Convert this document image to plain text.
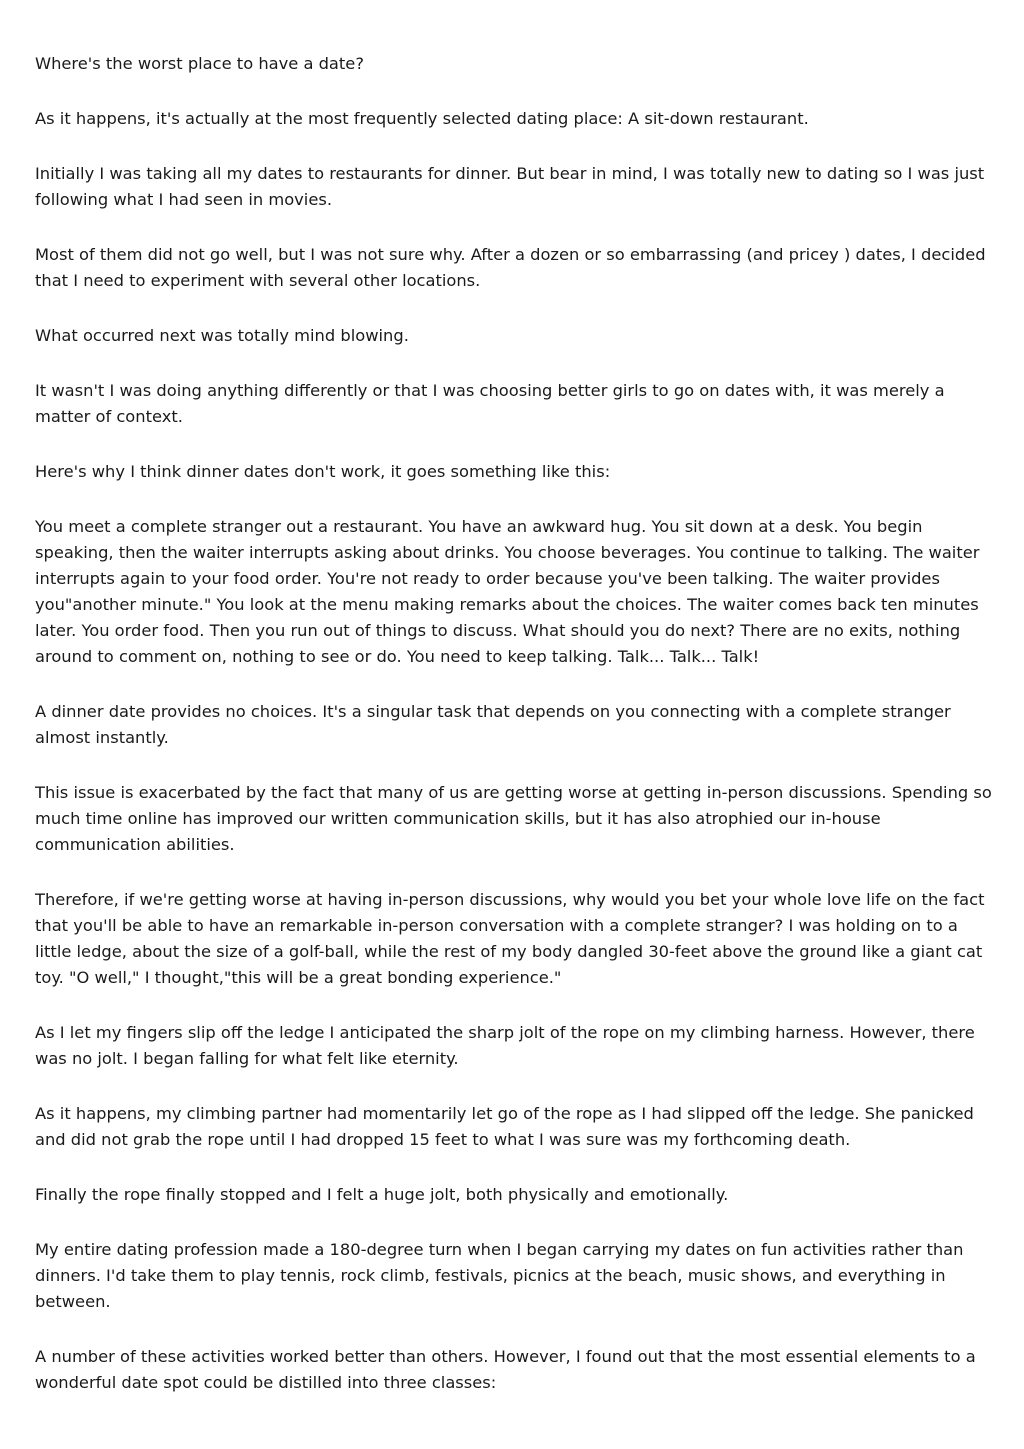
Where's the worst place to have a date?

As it happens, it's actually at the most frequently selected dating place: A sit-down restaurant.

Initially I was taking all my dates to restaurants for dinner. But bear in mind, I was totally new to dating so I was just following what I had seen in movies.

Most of them did not go well, but I was not sure why. After a dozen or so embarrassing (and pricey ) dates, I decided that I need to experiment with several other locations.

What occurred next was totally mind blowing.

It wasn't I was doing anything differently or that I was choosing better girls to go on dates with, it was merely a matter of context.

Here's why I think dinner dates don't work, it goes something like this:

You meet a complete stranger out a restaurant. You have an awkward hug. You sit down at a desk. You begin speaking, then the waiter interrupts asking about drinks. You choose beverages. You continue to talking. The waiter interrupts again to your food order. You're not ready to order because you've been talking. The waiter provides you"another minute." You look at the menu making remarks about the choices. The waiter comes back ten minutes later. You order food. Then you run out of things to discuss. What should you do next? There are no exits, nothing around to comment on, nothing to see or do. You need to keep talking. Talk... Talk... Talk!

A dinner date provides no choices. It's a singular task that depends on you connecting with a complete stranger almost instantly.

This issue is exacerbated by the fact that many of us are getting worse at getting in-person discussions. Spending so much time online has improved our written communication skills, but it has also atrophied our in-house communication abilities.

Therefore, if we're getting worse at having in-person discussions, why would you bet your whole love life on the fact that you'll be able to have an remarkable in-person conversation with a complete stranger? I was holding on to a little ledge, about the size of a golf-ball, while the rest of my body dangled 30-feet above the ground like a giant cat toy. "O well," I thought,"this will be a great bonding experience."

As I let my fingers slip off the ledge I anticipated the sharp jolt of the rope on my climbing harness. However, there was no jolt. I began falling for what felt like eternity.

As it happens, my climbing partner had momentarily let go of the rope as I had slipped off the ledge. She panicked and did not grab the rope until I had dropped 15 feet to what I was sure was my forthcoming death.

Finally the rope finally stopped and I felt a huge jolt, both physically and emotionally.

My entire dating profession made a 180-degree turn when I began carrying my dates on fun activities rather than dinners. I'd take them to play tennis, rock climb, festivals, picnics at the beach, music shows, and everything in between.

A number of these activities worked better than others. However, I found out that the most essential elements to a wonderful date spot could be distilled into three classes:
